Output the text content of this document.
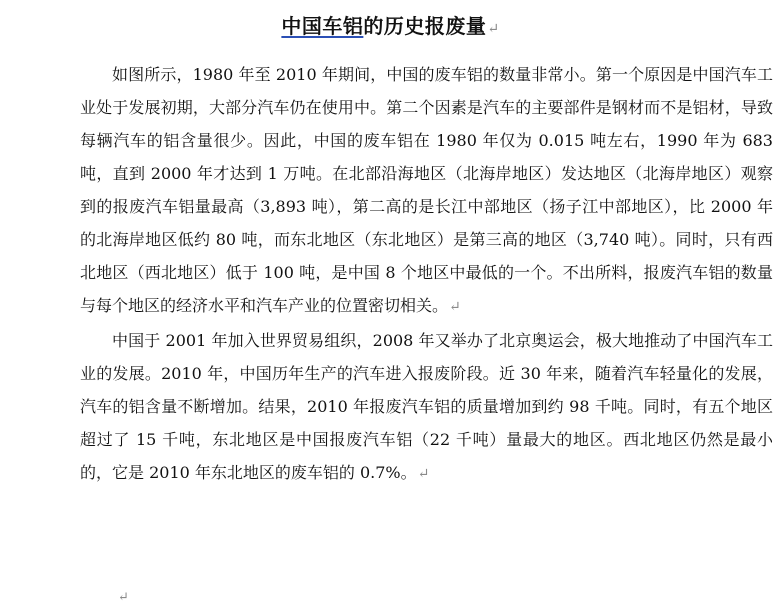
中国车铝的历史报废量↵

如图所示，1980 年至 2010 年期间，中国的废车铝的数量非常小。第一个原因是中国汽车工业处于发展初期，大部分汽车仍在使用中。第二个因素是汽车的主要部件是钢材而不是铝材，导致每辆汽车的铝含量很少。因此，中国的废车铝在 1980 年仅为 0.015 吨左右，1990 年为 683 吨，直到 2000 年才达到 1 万吨。在北部沿海地区（北海岸地区）发达地区（北海岸地区）观察到的报废汽车铝量最高（3,893 吨），第二高的是长江中部地区（扬子江中部地区），比 2000 年的北海岸地区低约 80 吨，而东北地区（东北地区）是第三高的地区（3,740 吨）。同时，只有西北地区（西北地区）低于 100 吨，是中国 8 个地区中最低的一个。不出所料，报废汽车铝的数量与每个地区的经济水平和汽车产业的位置密切相关。↵

中国于 2001 年加入世界贸易组织，2008 年又举办了北京奥运会，极大地推动了中国汽车工业的发展。2010 年，中国历年生产的汽车进入报废阶段。近 30 年来，随着汽车轻量化的发展，汽车的铝含量不断增加。结果，2010 年报废汽车铝的质量增加到约 98 千吨。同时，有五个地区超过了 15 千吨，东北地区是中国报废汽车铝（22 千吨）量最大的地区。西北地区仍然是最小的，它是 2010 年东北地区的废车铝的 0.7%。↵

↵
